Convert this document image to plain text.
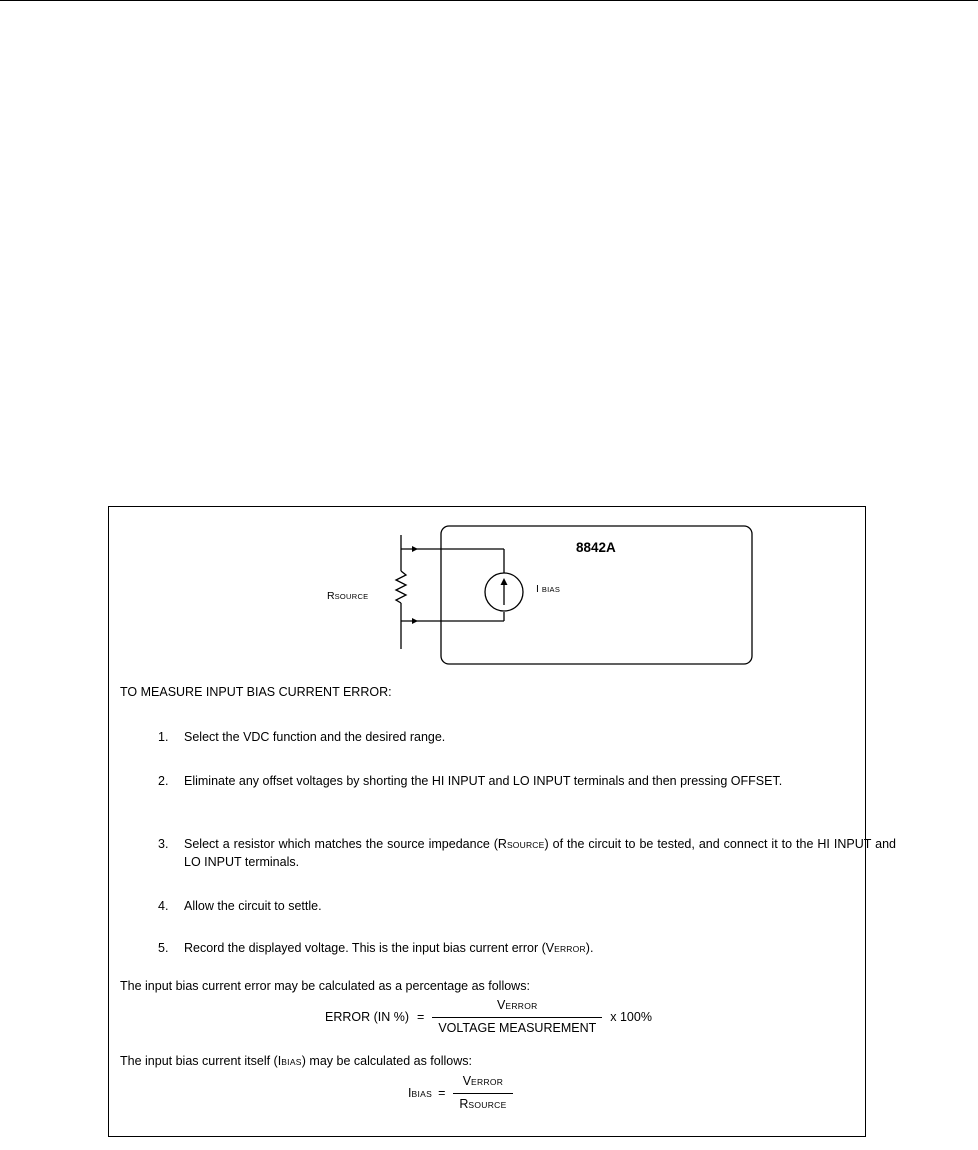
8842A
RSOURCE
I BIAS
TO MEASURE INPUT BIAS CURRENT ERROR:
1.	Select the VDC function and the desired range.
2.	Eliminate any offset voltages by shorting the HI INPUT and LO INPUT terminals and then pressing OFFSET.
3.	Select a resistor which matches the source impedance (RSOURCE) of the circuit to be tested, and connect it to the HI INPUT and LO INPUT terminals.
4.	Allow the circuit to settle.
5.	Record the displayed voltage. This is the input bias current error (VERROR).
The input bias current error may be calculated as a percentage as follows:
ERROR (IN %) = $\frac{\text{VERROR}}{\text{VOLTAGE MEASUREMENT}}$ x 100%
The input bias current itself (IBIAS) may be calculated as follows:
IBIAS = $\frac{\text{VERROR}}{\text{RSOURCE}}$
